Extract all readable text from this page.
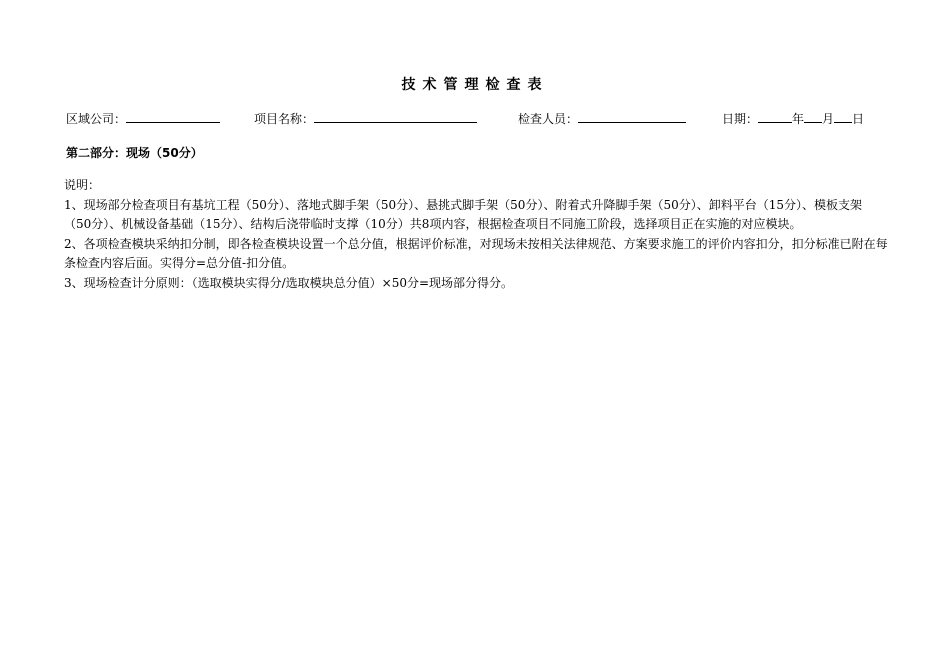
技术管理检查表
区域公司：	项目名称：	检查人员：	日期：	年 月 日
第二部分：现场（50分）
说明：
1、现场部分检查项目有基坑工程（50分）、落地式脚手架（50分）、悬挑式脚手架（50分）、附着式升降脚手架（50分）、卸料平台（15分）、模板支架（50分）、机械设备基础（15分）、结构后浇带临时支撑（10分）共8项内容，根据检查项目不同施工阶段，选择项目正在实施的对应模块。
2、各项检查模块采纳扣分制，即各检查模块设置一个总分值，根据评价标准，对现场未按相关法律规范、方案要求施工的评价内容扣分，扣分标准已附在每条检查内容后面。实得分=总分值-扣分值。
3、现场检查计分原则：（选取模块实得分/选取模块总分值）×50分=现场部分得分。
